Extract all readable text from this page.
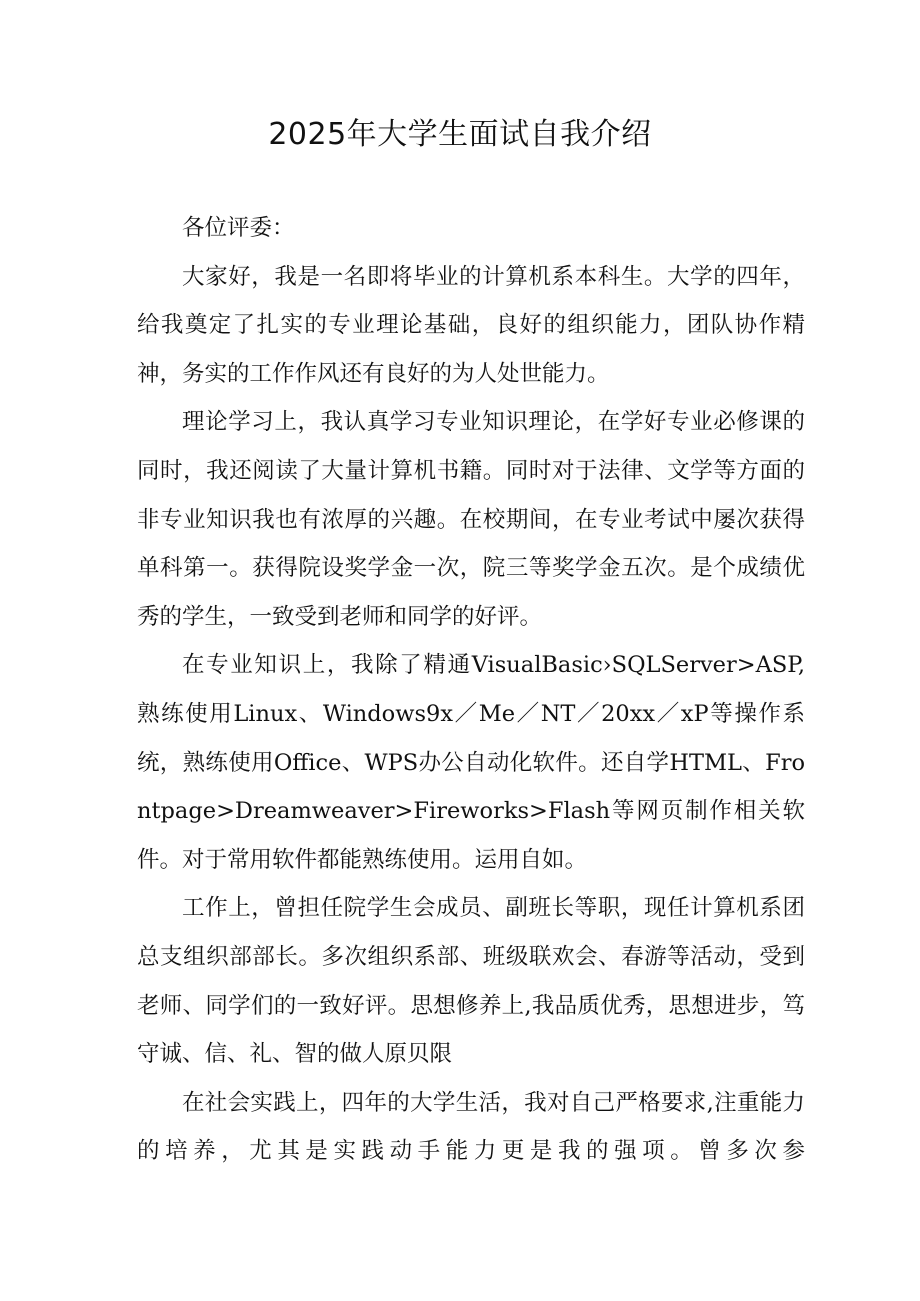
2025年大学生面试自我介绍

各位评委：

大家好，我是一名即将毕业的计算机系本科生。大学的四年，给我奠定了扎实的专业理论基础，良好的组织能力，团队协作精神，务实的工作作风还有良好的为人处世能力。

理论学习上，我认真学习专业知识理论，在学好专业必修课的同时，我还阅读了大量计算机书籍。同时对于法律、文学等方面的非专业知识我也有浓厚的兴趣。在校期间，在专业考试中屡次获得单科第一。获得院设奖学金一次，院三等奖学金五次。是个成绩优秀的学生，一致受到老师和同学的好评。

在专业知识上，我除了精通VisualBasic›SQLServer>ASP,熟练使用Linux、Windows9x／Me／NT／20xx／xP等操作系统，熟练使用Office、WPS办公自动化软件。还自学HTML、Frontpage>Dreamweaver>Fireworks>Flash等网页制作相关软件。对于常用软件都能熟练使用。运用自如。

工作上，曾担任院学生会成员、副班长等职，现任计算机系团总支组织部部长。多次组织系部、班级联欢会、春游等活动，受到老师、同学们的一致好评。思想修养上,我品质优秀，思想进步，笃守诚、信、礼、智的做人原贝限

在社会实践上，四年的大学生活，我对自己严格要求,注重能力的培养，尤其是实践动手能力更是我的强项。曾多次参
